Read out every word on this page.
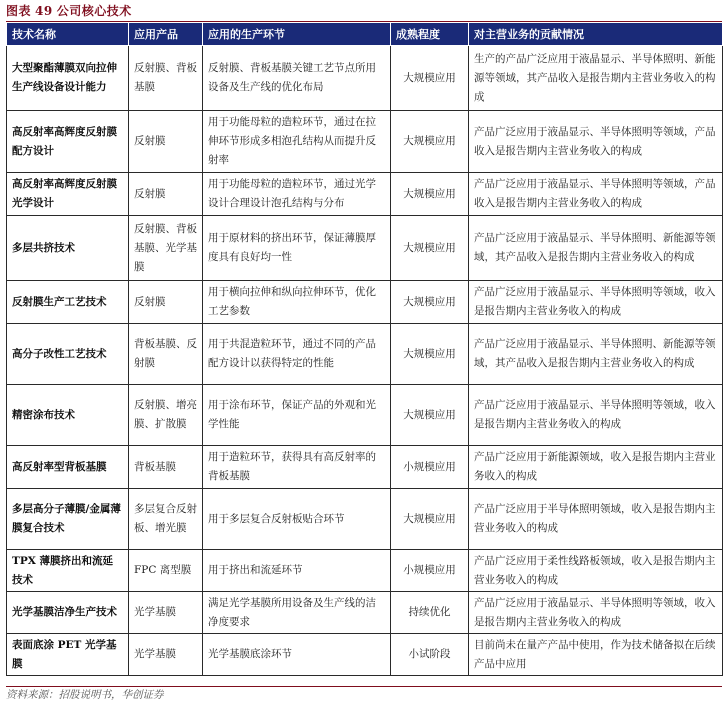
图表 49 公司核心技术
技术名称	应用产品	应用的生产环节	成熟程度	对主营业务的贡献情况
大型聚酯薄膜双向拉伸生产线设备设计能力	反射膜、背板基膜	反射膜、背板基膜关键工艺节点所用设备及生产线的优化布局	大规模应用	生产的产品广泛应用于液晶显示、半导体照明、新能源等领域，其产品收入是报告期内主营业务收入的构成
高反射率高辉度反射膜配方设计	反射膜	用于功能母粒的造粒环节，通过在拉伸环节形成多相泡孔结构从而提升反射率	大规模应用	产品广泛应用于液晶显示、半导体照明等领域，产品收入是报告期内主营业务收入的构成
高反射率高辉度反射膜光学设计	反射膜	用于功能母粒的造粒环节，通过光学设计合理设计泡孔结构与分布	大规模应用	产品广泛应用于液晶显示、半导体照明等领域，产品收入是报告期内主营业务收入的构成
多层共挤技术	反射膜、背板基膜、光学基膜	用于原材料的挤出环节，保证薄膜厚度具有良好均一性	大规模应用	产品广泛应用于液晶显示、半导体照明、新能源等领域，其产品收入是报告期内主营业务收入的构成
反射膜生产工艺技术	反射膜	用于横向拉伸和纵向拉伸环节，优化工艺参数	大规模应用	产品广泛应用于液晶显示、半导体照明等领域，收入是报告期内主营业务收入的构成
高分子改性工艺技术	背板基膜、反射膜	用于共混造粒环节，通过不同的产品配方设计以获得特定的性能	大规模应用	产品广泛应用于液晶显示、半导体照明、新能源等领域，其产品收入是报告期内主营业务收入的构成
精密涂布技术	反射膜、增亮膜、扩散膜	用于涂布环节，保证产品的外观和光学性能	大规模应用	产品广泛应用于液晶显示、半导体照明等领域，收入是报告期内主营业务收入的构成
高反射率型背板基膜	背板基膜	用于造粒环节，获得具有高反射率的背板基膜	小规模应用	产品广泛应用于新能源领域，收入是报告期内主营业务收入的构成
多层高分子薄膜/金属薄膜复合技术	多层复合反射板、增光膜	用于多层复合反射板贴合环节	大规模应用	产品广泛应用于半导体照明领域，收入是报告期内主营业务收入的构成
TPX 薄膜挤出和流延技术	FPC 离型膜	用于挤出和流延环节	小规模应用	产品广泛应用于柔性线路板领域，收入是报告期内主营业务收入的构成
光学基膜洁净生产技术	光学基膜	满足光学基膜所用设备及生产线的洁净度要求	持续优化	产品广泛应用于液晶显示、半导体照明等领域，收入是报告期内主营业务收入的构成
表面底涂 PET 光学基膜	光学基膜	光学基膜底涂环节	小试阶段	目前尚未在量产产品中使用，作为技术储备拟在后续产品中应用
资料来源：招股说明书，华创证券
